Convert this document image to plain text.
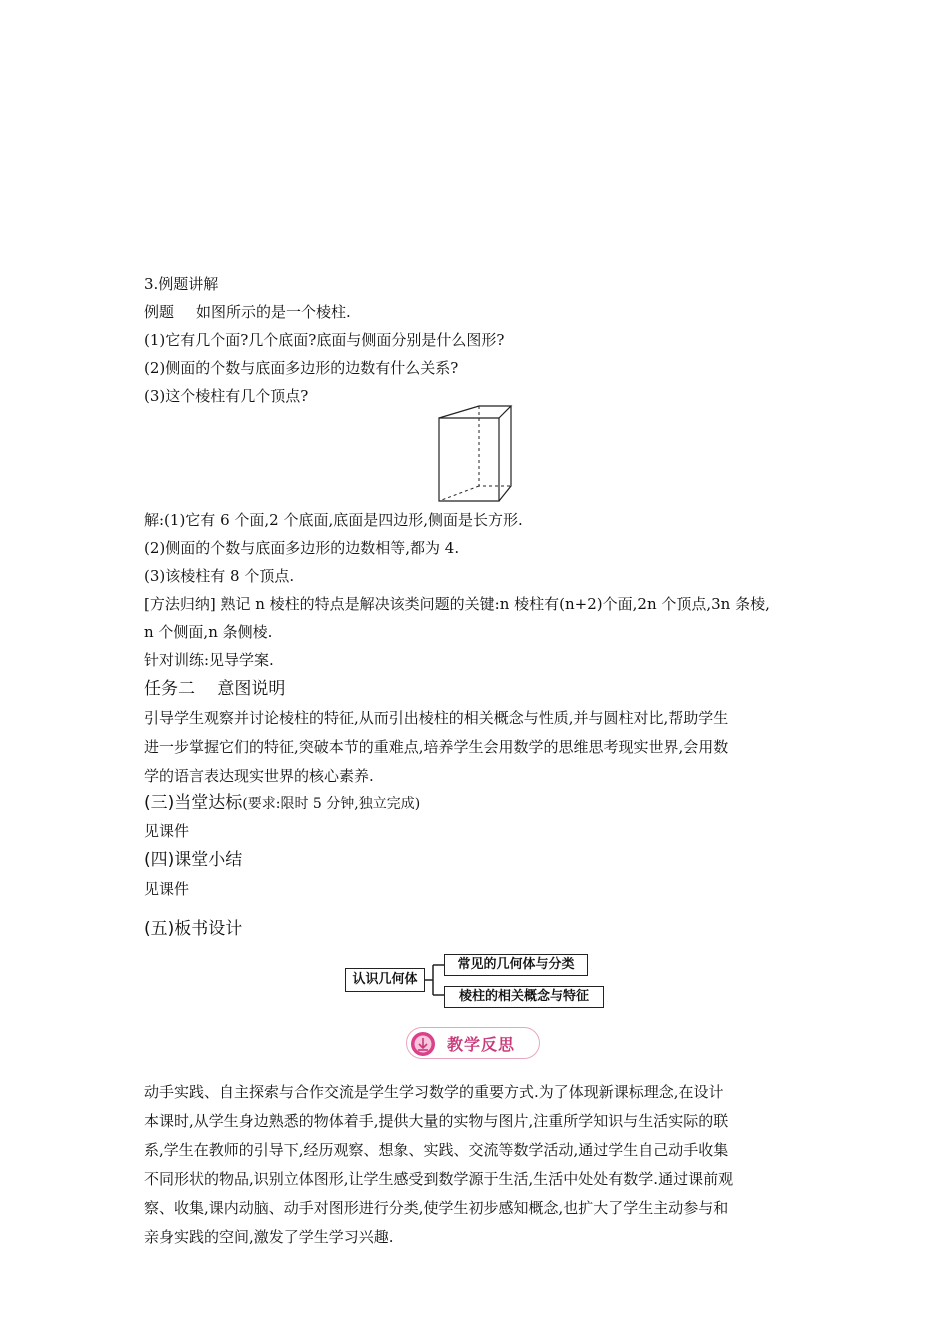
3.例题讲解
例题 如图所示的是一个棱柱.
(1)它有几个面?几个底面?底面与侧面分别是什么图形?
(2)侧面的个数与底面多边形的边数有什么关系?
(3)这个棱柱有几个顶点?
解:(1)它有 6 个面,2 个底面,底面是四边形,侧面是长方形.
(2)侧面的个数与底面多边形的边数相等,都为 4.
(3)该棱柱有 8 个顶点.
[方法归纳] 熟记 n 棱柱的特点是解决该类问题的关键:n 棱柱有(n+2)个面,2n 个顶点,3n 条棱,
n 个侧面,n 条侧棱.
针对训练:见导学案.
任务二　 意图说明
引导学生观察并讨论棱柱的特征,从而引出棱柱的相关概念与性质,并与圆柱对比,帮助学生
进一步掌握它们的特征,突破本节的重难点,培养学生会用数学的思维思考现实世界,会用数
学的语言表达现实世界的核心素养.
(三)当堂达标(要求:限时 5 分钟,独立完成)
见课件
(四)课堂小结
见课件
(五)板书设计
认识几何体
常见的几何体与分类
棱柱的相关概念与特征
教学反思
动手实践、自主探索与合作交流是学生学习数学的重要方式.为了体现新课标理念,在设计
本课时,从学生身边熟悉的物体着手,提供大量的实物与图片,注重所学知识与生活实际的联
系,学生在教师的引导下,经历观察、想象、实践、交流等数学活动,通过学生自己动手收集
不同形状的物品,识别立体图形,让学生感受到数学源于生活,生活中处处有数学.通过课前观
察、收集,课内动脑、动手对图形进行分类,使学生初步感知概念,也扩大了学生主动参与和
亲身实践的空间,激发了学生学习兴趣.
